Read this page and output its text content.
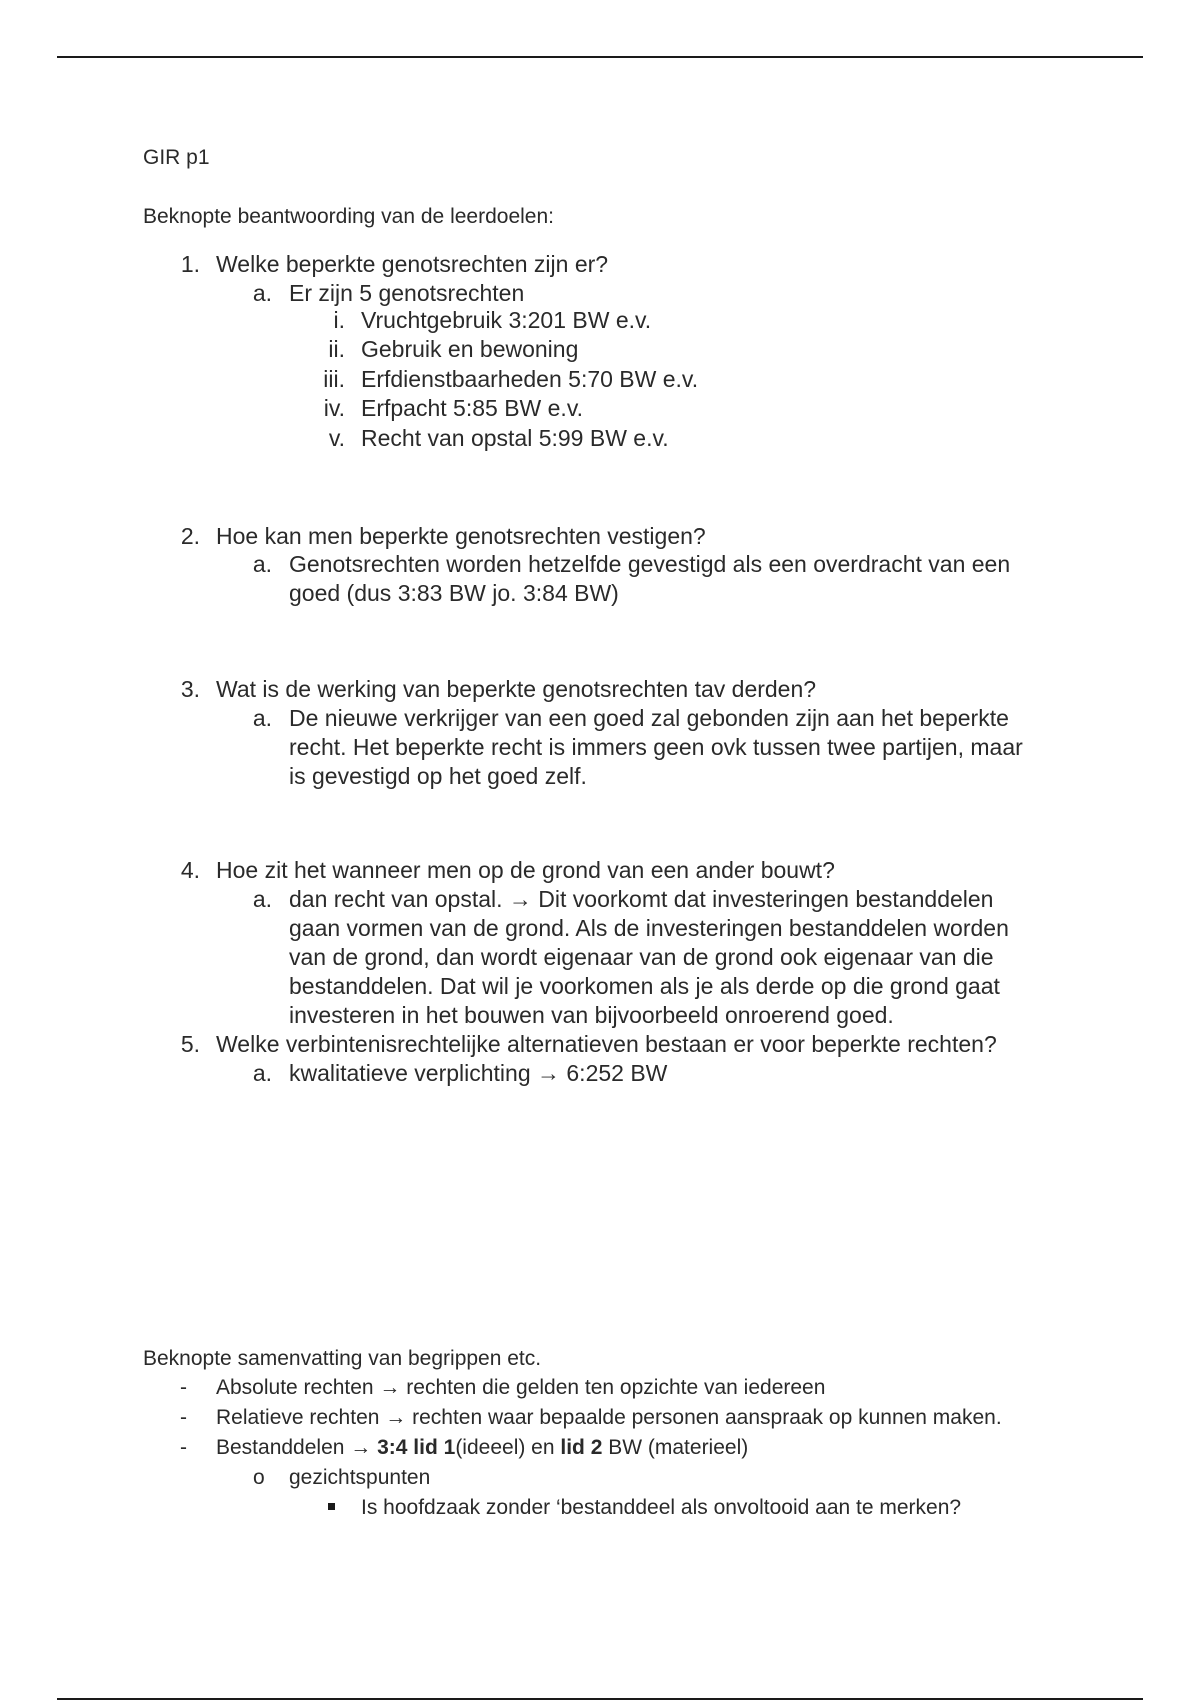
GIR p1
Beknopte beantwoording van de leerdoelen:
1. Welke beperkte genotsrechten zijn er?
a. Er zijn 5 genotsrechten
i. Vruchtgebruik 3:201 BW e.v.
ii. Gebruik en bewoning
iii. Erfdienstbaarheden 5:70 BW e.v.
iv. Erfpacht 5:85 BW e.v.
v. Recht van opstal 5:99 BW e.v.
2. Hoe kan men beperkte genotsrechten vestigen?
a. Genotsrechten worden hetzelfde gevestigd als een overdracht van een
goed (dus 3:83 BW jo. 3:84 BW)
3. Wat is de werking van beperkte genotsrechten tav derden?
a. De nieuwe verkrijger van een goed zal gebonden zijn aan het beperkte
recht. Het beperkte recht is immers geen ovk tussen twee partijen, maar
is gevestigd op het goed zelf.
4. Hoe zit het wanneer men op de grond van een ander bouwt?
a. dan recht van opstal. → Dit voorkomt dat investeringen bestanddelen
gaan vormen van de grond. Als de investeringen bestanddelen worden
van de grond, dan wordt eigenaar van de grond ook eigenaar van die
bestanddelen. Dat wil je voorkomen als je als derde op die grond gaat
investeren in het bouwen van bijvoorbeeld onroerend goed.
5. Welke verbintenisrechtelijke alternatieven bestaan er voor beperkte rechten?
a. kwalitatieve verplichting → 6:252 BW
Beknopte samenvatting van begrippen etc.
- Absolute rechten → rechten die gelden ten opzichte van iedereen
- Relatieve rechten → rechten waar bepaalde personen aanspraak op kunnen maken.
- Bestanddelen → 3:4 lid 1(ideeel) en lid 2 BW (materieel)
o gezichtspunten
Is hoofdzaak zonder ‘bestanddeel als onvoltooid aan te merken?
